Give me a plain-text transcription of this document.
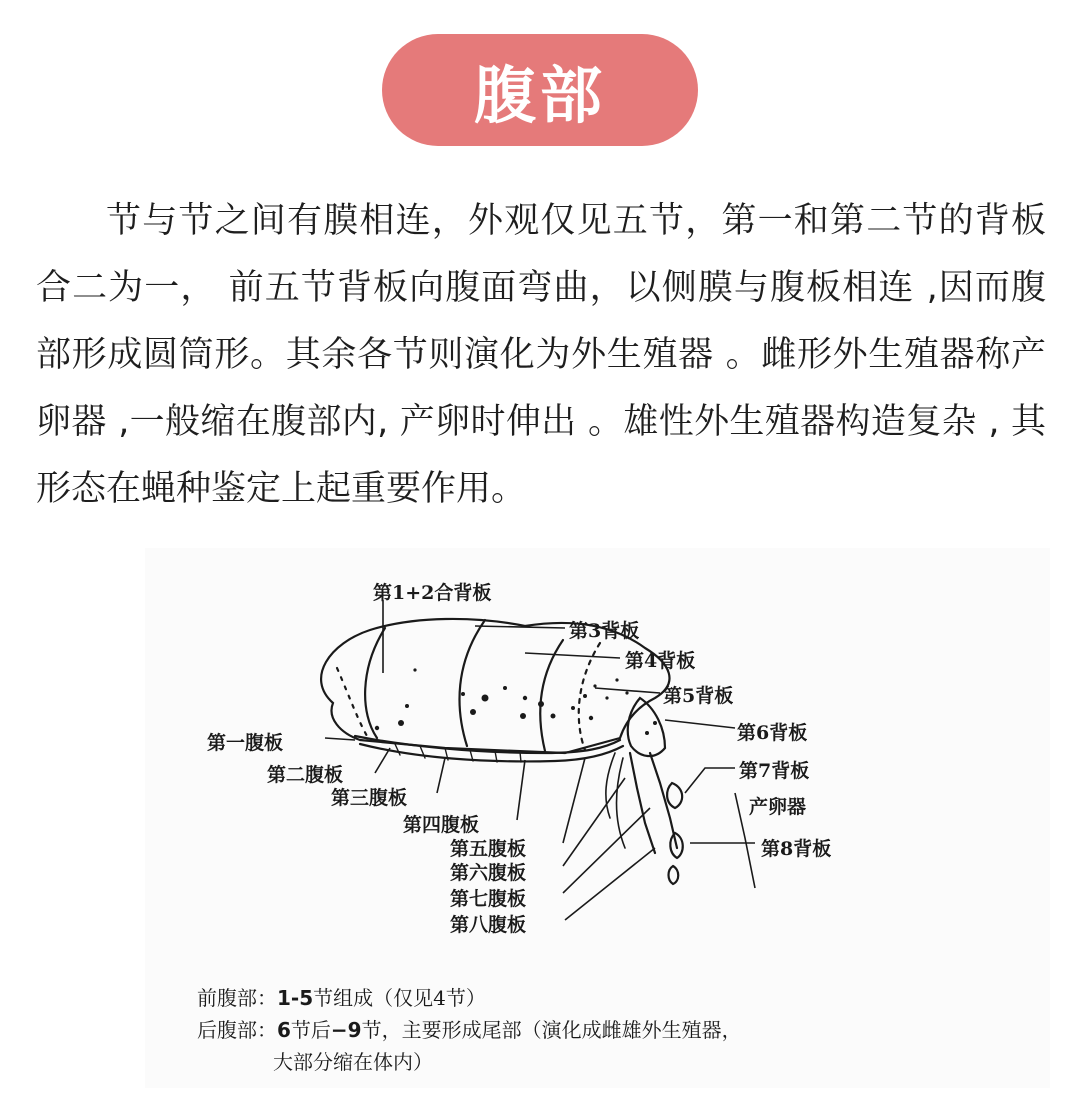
腹部

节与节之间有膜相连，外观仅见五节，第一和第二节的背板合二为一， 前五节背板向腹面弯曲，以侧膜与腹板相连 ,因而腹部形成圆筒形。其余各节则演化为外生殖器 。雌形外生殖器称产卵器 ,一般缩在腹部内, 产卵时伸出 。雄性外生殖器构造复杂 , 其形态在蝇种鉴定上起重要作用。

第1+2合背板
第3背板
第4背板
第5背板
第6背板
第7背板
产卵器
第8背板
第一腹板
第二腹板
第三腹板
第四腹板
第五腹板
第六腹板
第七腹板
第八腹板
前腹部：1-5节组成（仅见4节）
后腹部：6节后−9节，主要形成尾部（演化成雌雄外生殖器，
大部分缩在体内）
